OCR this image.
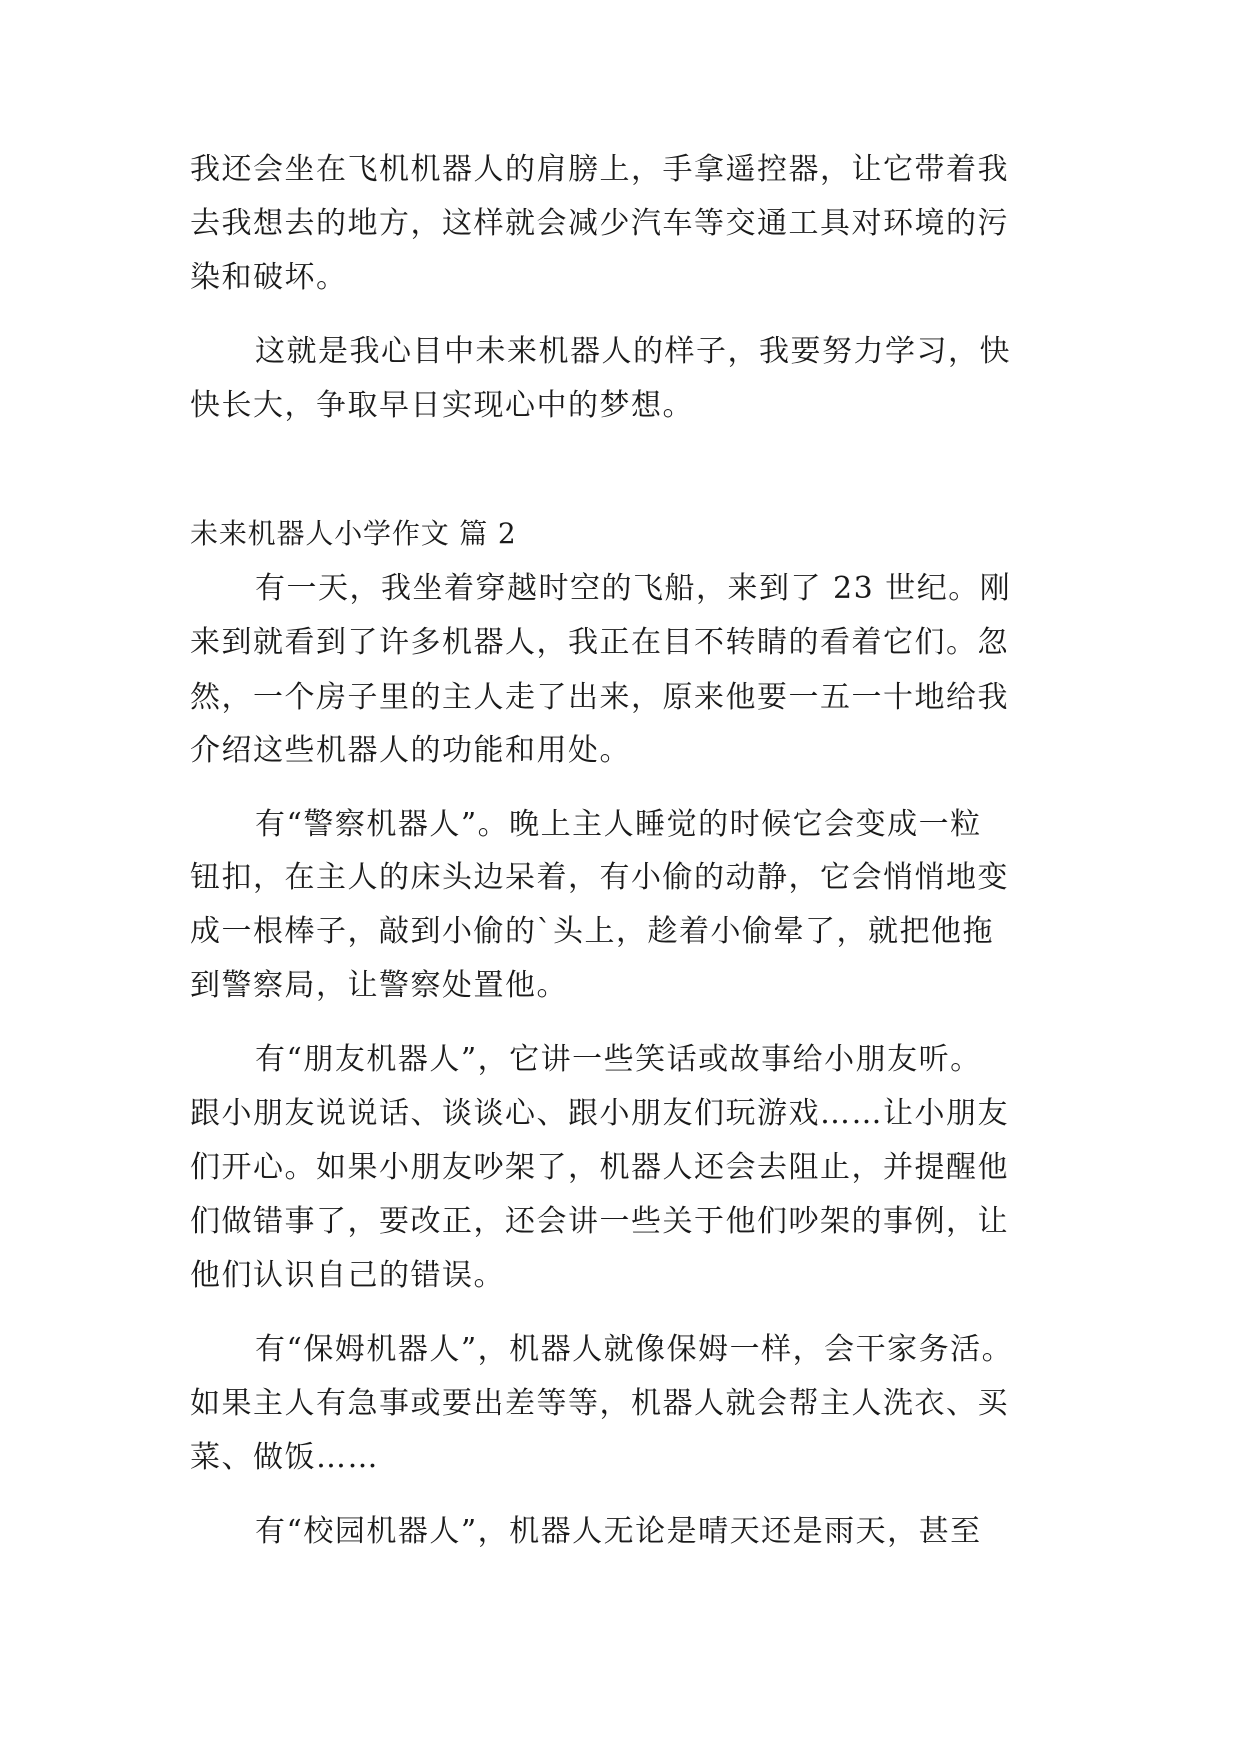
我还会坐在飞机机器人的肩膀上，手拿遥控器，让它带着我
去我想去的地方，这样就会减少汽车等交通工具对环境的污
染和破坏。
这就是我心目中未来机器人的样子，我要努力学习，快
快长大，争取早日实现心中的梦想。
未来机器人小学作文 篇 2
有一天，我坐着穿越时空的飞船，来到了 23 世纪。刚
来到就看到了许多机器人，我正在目不转睛的看着它们。忽
然，一个房子里的主人走了出来，原来他要一五一十地给我
介绍这些机器人的功能和用处。
有“警察机器人”。晚上主人睡觉的时候它会变成一粒
钮扣，在主人的床头边呆着，有小偷的动静，它会悄悄地变
成一根棒子，敲到小偷的`头上，趁着小偷晕了，就把他拖
到警察局，让警察处置他。
有“朋友机器人”，它讲一些笑话或故事给小朋友听。
跟小朋友说说话、谈谈心、跟小朋友们玩游戏……让小朋友
们开心。如果小朋友吵架了，机器人还会去阻止，并提醒他
们做错事了，要改正，还会讲一些关于他们吵架的事例，让
他们认识自己的错误。
有“保姆机器人”，机器人就像保姆一样，会干家务活。
如果主人有急事或要出差等等，机器人就会帮主人洗衣、买
菜、做饭……
有“校园机器人”，机器人无论是晴天还是雨天，甚至
